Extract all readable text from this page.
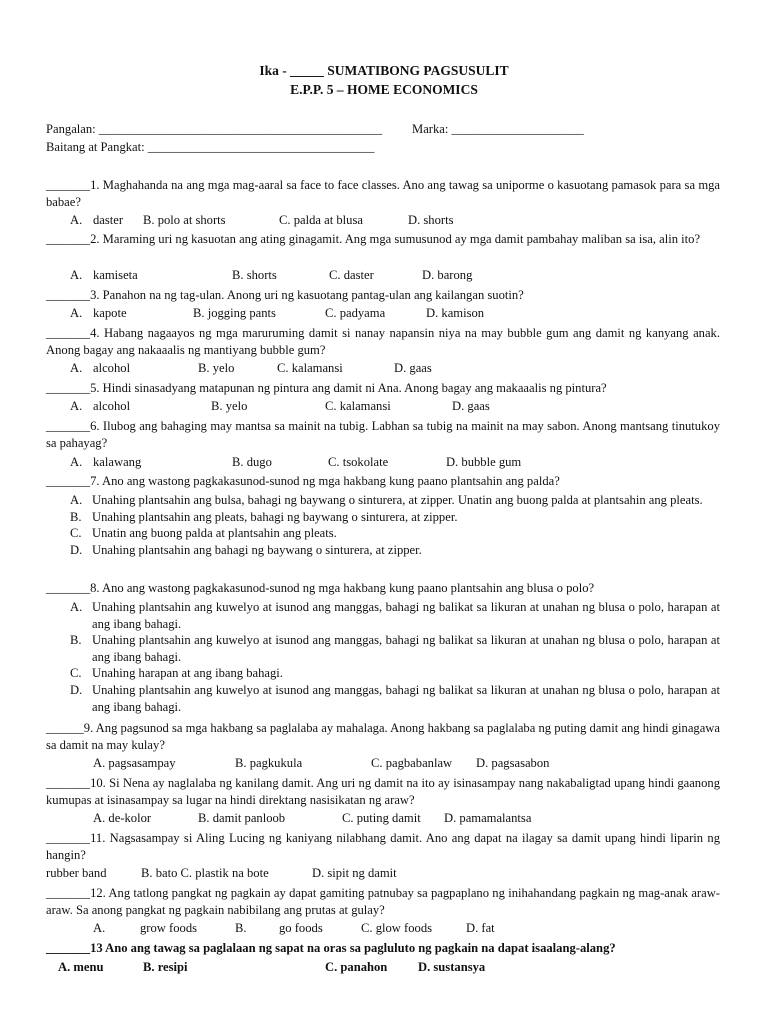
Ika - _____ SUMATIBONG PAGSUSULIT
E.P.P. 5 – HOME ECONOMICS
Pangalan: _____________________________________________ Marka: _____________________
Baitang at Pangkat: ____________________________________
_______1. Maghahanda na ang mga mag-aaral sa face to face classes. Ano ang tawag sa uniporme o kasuotang pamasok para sa mga babae?
A. daster B. polo at shorts	C. palda at blusa	D. shorts
_______2. Maraming uri ng kasuotan ang ating ginagamit. Ang mga sumusunod ay mga damit pambahay maliban sa isa, alin ito?
A. kamiseta	B. shorts	C. daster	D. barong
_______3. Panahon na ng tag-ulan. Anong uri ng kasuotang pantag-ulan ang kailangan suotin?
A. kapote	B. jogging pants	C. padyama	D. kamison
_______4. Habang nagaayos ng mga maruruming damit si nanay napansin niya na may bubble gum ang damit ng kanyang anak. Anong bagay ang nakaaalis ng mantiyang bubble gum?
A. alcohol	B. yelo	C. kalamansi	D. gaas
_______5. Hindi sinasadyang matapunan ng pintura ang damit ni Ana. Anong bagay ang makaaalis ng pintura?
A. alcohol	B. yelo	C. kalamansi	D. gaas
_______6. Ilubog ang bahaging may mantsa sa mainit na tubig. Labhan sa tubig na mainit na may sabon. Anong mantsang tinutukoy sa pahayag?
A. kalawang	B. dugo	C. tsokolate	D. bubble gum
_______7. Ano ang wastong pagkakasunod-sunod ng mga hakbang kung paano plantsahin ang palda?
A. Unahing plantsahin ang bulsa, bahagi ng baywang o sinturera, at zipper. Unatin ang buong palda at plantsahin ang pleats.
B. Unahing plantsahin ang pleats, bahagi ng baywang o sinturera, at zipper.
C. Unatin ang buong palda at plantsahin ang pleats.
D. Unahing plantsahin ang bahagi ng baywang o sinturera, at zipper.
_______8. Ano ang wastong pagkakasunod-sunod ng mga hakbang kung paano plantsahin ang blusa o polo?
A. Unahing plantsahin ang kuwelyo at isunod ang manggas, bahagi ng balikat sa likuran at unahan ng blusa o polo, harapan at ang ibang bahagi.
B. Unahing plantsahin ang kuwelyo at isunod ang manggas, bahagi ng balikat sa likuran at unahan ng blusa o polo, harapan at ang ibang bahagi.
C. Unahing harapan at ang ibang bahagi.
D. Unahing plantsahin ang kuwelyo at isunod ang manggas, bahagi ng balikat sa likuran at unahan ng blusa o polo, harapan at ang ibang bahagi.
______9. Ang pagsunod sa mga hakbang sa paglalaba ay mahalaga. Anong hakbang sa paglalaba ng puting damit ang hindi ginagawa sa damit na may kulay?
A. pagsasampay	B. pagkukula	C. pagbabanlaw D. pagsasabon
_______10. Si Nena ay naglalaba ng kanilang damit. Ang uri ng damit na ito ay isinasampay nang nakabaligtad upang hindi gaanong kumupas at isinasampay sa lugar na hindi direktang nasisikatan ng araw?
A. de-kolor	B. damit panloob	C. puting damit D. pamamalantsa
_______11. Nagsasampay si Aling Lucing ng kaniyang nilabhang damit. Ano ang dapat na ilagay sa damit upang hindi liparin ng hangin?
rubber band	B. bato C. plastik na bote	D. sipit ng damit
_______12. Ang tatlong pangkat ng pagkain ay dapat gamiting patnubay sa pagpaplano ng inihahandang pagkain ng mag-anak araw-araw. Sa anong pangkat ng pagkain nabibilang ang prutas at gulay?
A.	grow foods	B.	go foods	C. glow foods	D. fat
_______13 Ano ang tawag sa paglalaan ng sapat na oras sa pagluluto ng pagkain na dapat isaalang-alang?
A. menu	B. resipi	C. panahon D. sustansya
